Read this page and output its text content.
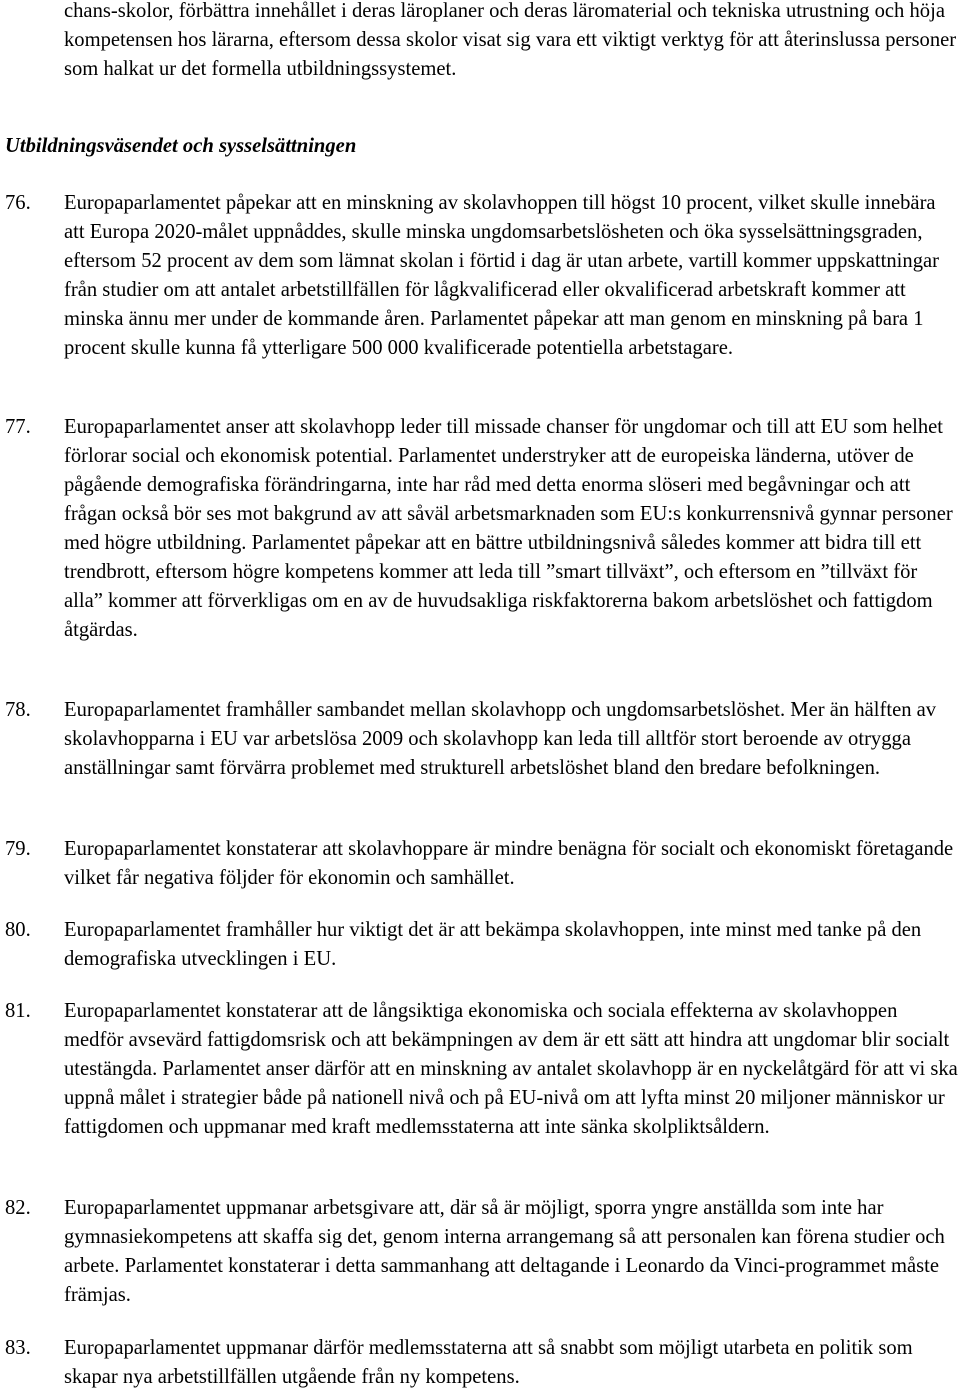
chans-skolor, förbättra innehållet i deras läroplaner och deras läromaterial och tekniska utrustning och höja kompetensen hos lärarna, eftersom dessa skolor visat sig vara ett viktigt verktyg för att återinslussa personer som halkat ur det formella utbildningssystemet.

Utbildningsväsendet och sysselsättningen
76. Europaparlamentet påpekar att en minskning av skolavhoppen till högst 10 procent, vilket skulle innebära att Europa 2020-målet uppnåddes, skulle minska ungdomsarbetslösheten och öka sysselsättningsgraden, eftersom 52 procent av dem som lämnat skolan i förtid i dag är utan arbete, vartill kommer uppskattningar från studier om att antalet arbetstillfällen för lågkvalificerad eller okvalificerad arbetskraft kommer att minska ännu mer under de kommande åren. Parlamentet påpekar att man genom en minskning på bara 1 procent skulle kunna få ytterligare 500 000 kvalificerade potentiella arbetstagare.

77. Europaparlamentet anser att skolavhopp leder till missade chanser för ungdomar och till att EU som helhet förlorar social och ekonomisk potential. Parlamentet understryker att de europeiska länderna, utöver de pågående demografiska förändringarna, inte har råd med detta enorma slöseri med begåvningar och att frågan också bör ses mot bakgrund av att såväl arbetsmarknaden som EU:s konkurrensnivå gynnar personer med högre utbildning. Parlamentet påpekar att en bättre utbildningsnivå således kommer att bidra till ett trendbrott, eftersom högre kompetens kommer att leda till ”smart tillväxt”, och eftersom en ”tillväxt för alla” kommer att förverkligas om en av de huvudsakliga riskfaktorerna bakom arbetslöshet och fattigdom åtgärdas.

78. Europaparlamentet framhåller sambandet mellan skolavhopp och ungdomsarbetslöshet. Mer än hälften av skolavhopparna i EU var arbetslösa 2009 och skolavhopp kan leda till alltför stort beroende av otrygga anställningar samt förvärra problemet med strukturell arbetslöshet bland den bredare befolkningen.

79. Europaparlamentet konstaterar att skolavhoppare är mindre benägna för socialt och ekonomiskt företagande vilket får negativa följder för ekonomin och samhället.

80. Europaparlamentet framhåller hur viktigt det är att bekämpa skolavhoppen, inte minst med tanke på den demografiska utvecklingen i EU.

81. Europaparlamentet konstaterar att de långsiktiga ekonomiska och sociala effekterna av skolavhoppen medför avsevärd fattigdomsrisk och att bekämpningen av dem är ett sätt att hindra att ungdomar blir socialt utestängda. Parlamentet anser därför att en minskning av antalet skolavhopp är en nyckelåtgärd för att vi ska uppnå målet i strategier både på nationell nivå och på EU-nivå om att lyfta minst 20 miljoner människor ur fattigdomen och uppmanar med kraft medlemsstaterna att inte sänka skolpliktsåldern.

82. Europaparlamentet uppmanar arbetsgivare att, där så är möjligt, sporra yngre anställda som inte har gymnasiekompetens att skaffa sig det, genom interna arrangemang så att personalen kan förena studier och arbete. Parlamentet konstaterar i detta sammanhang att deltagande i Leonardo da Vinci-programmet måste främjas.

83. Europaparlamentet uppmanar därför medlemsstaterna att så snabbt som möjligt utarbeta en politik som skapar nya arbetstillfällen utgående från ny kompetens.
